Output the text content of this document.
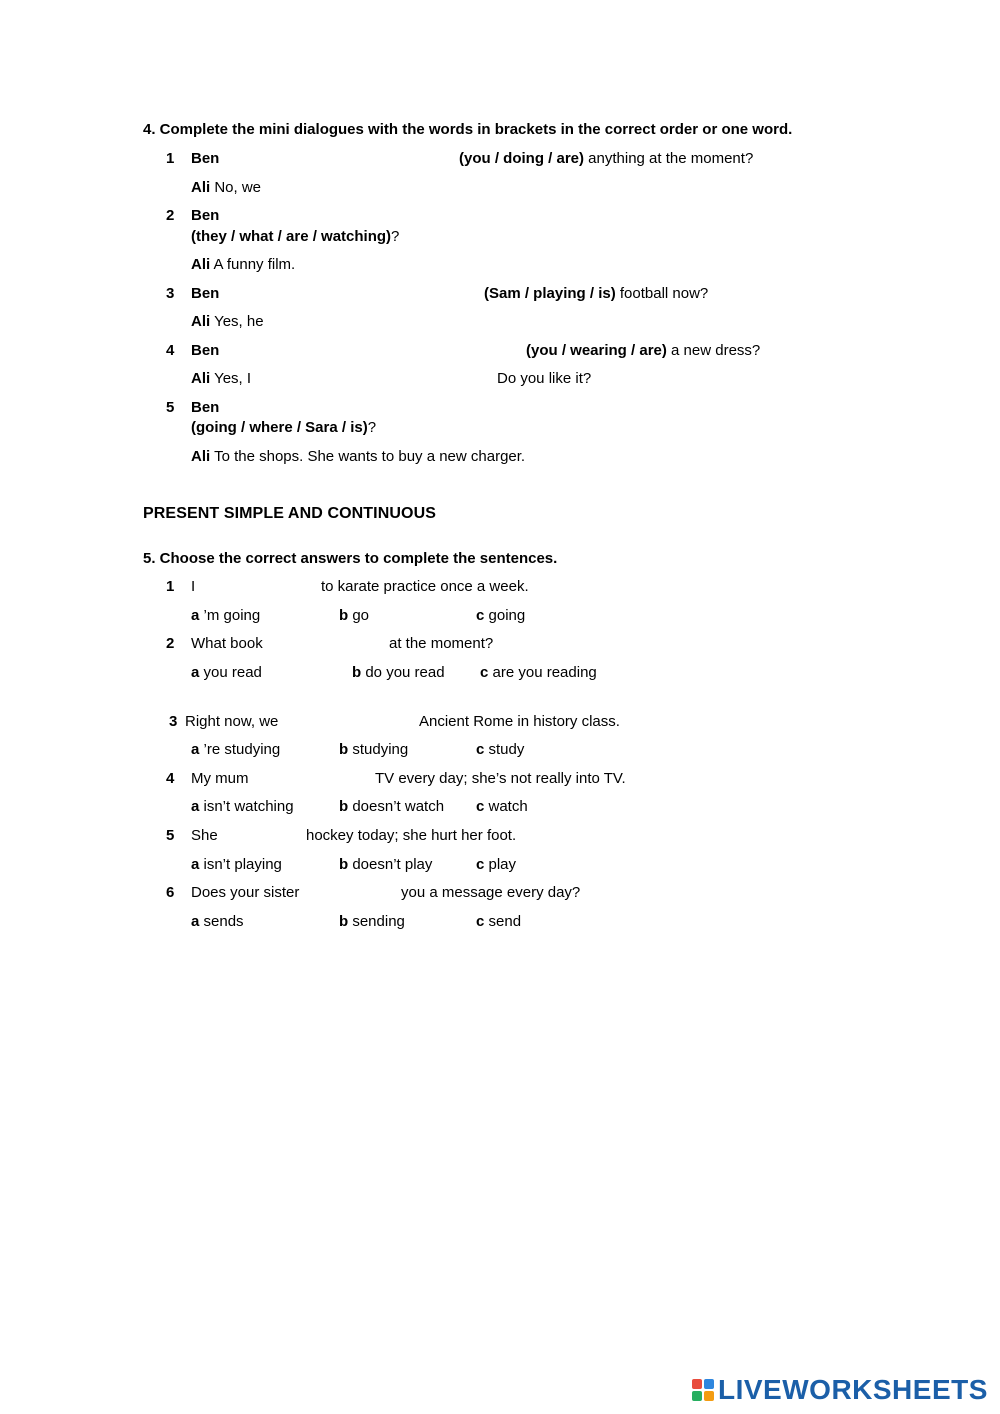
4. Complete the mini dialogues with the words in brackets in the correct order or one word.
1 Ben	(you / doing / are) anything at the moment?
Ali No, we
2 Ben
(they / what / are / watching)?
Ali A funny film.
3 Ben	(Sam / playing / is) football now?
Ali Yes, he
4 Ben	(you / wearing / are) a new dress?
Ali Yes, I	Do you like it?
5 Ben
(going / where / Sara / is)?
Ali To the shops. She wants to buy a new charger.
PRESENT SIMPLE AND CONTINUOUS
5. Choose the correct answers to complete the sentences.
1 I	to karate practice once a week.
a ’m going	b go	c going
2 What book	at the moment?
a you read	b do you read c are you reading
3 Right now, we	Ancient Rome in history class.
a ’re studying	b studying	c study
4 My mum	TV every day; she’s not really into TV.
a isn’t watching	b doesn’t watch c watch
5 She	hockey today; she hurt her foot.
a isn’t playing	b doesn’t play	c play
6 Does your sister	you a message every day?
a sends	b sending	c send
LIVEWORKSHEETS
